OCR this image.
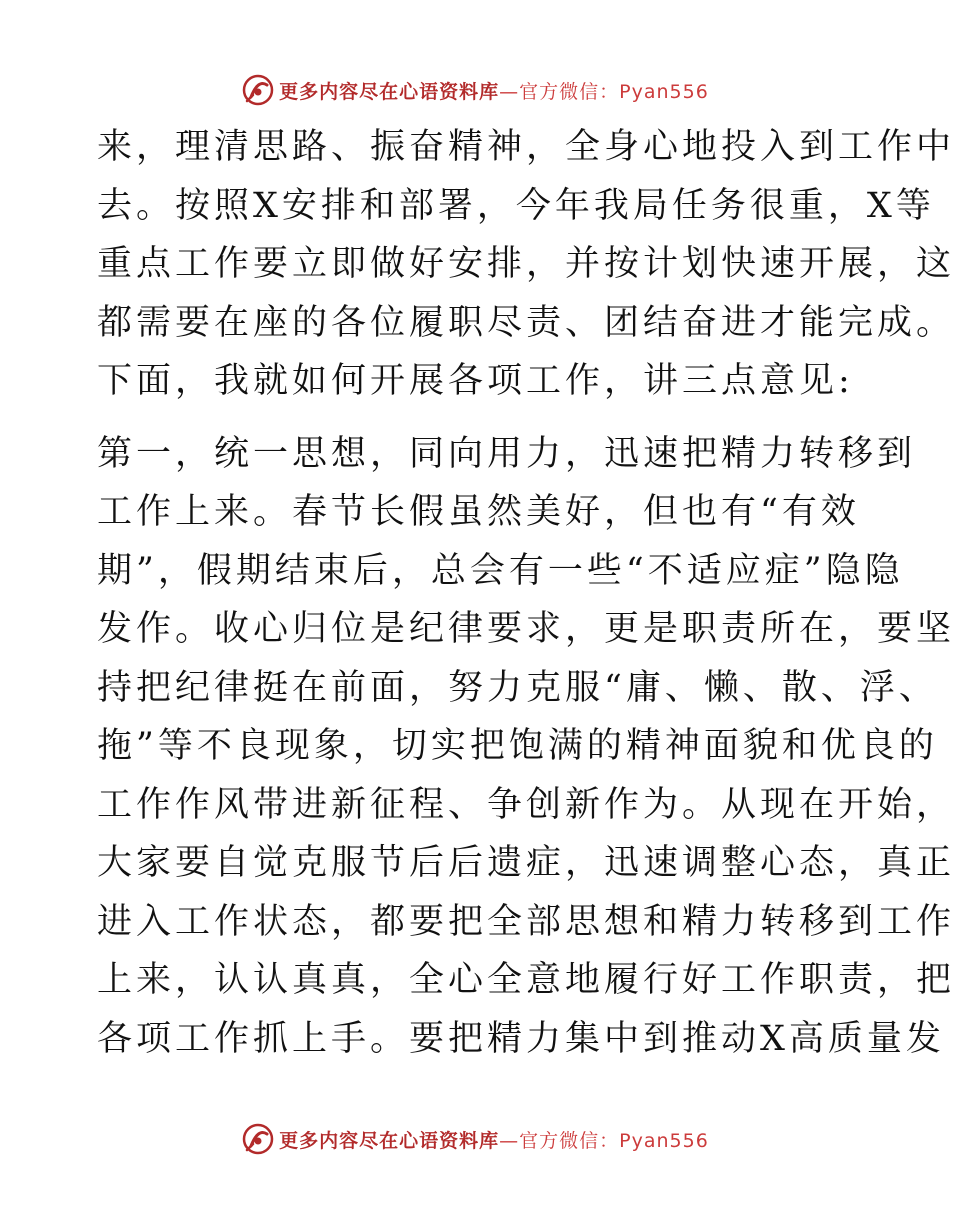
更多内容尽在心语资料库 —官方微信：Pyan556
来，理清思路、振奋精神，全身心地投入到工作中
去。按照X安排和部署，今年我局任务很重，X等
重点工作要立即做好安排，并按计划快速开展，这
都需要在座的各位履职尽责、团结奋进才能完成。
下面，我就如何开展各项工作，讲三点意见:
第一，统一思想，同向用力，迅速把精力转移到
工作上来。春节长假虽然美好，但也有“有效
期”，假期结束后，总会有一些“不适应症”隐隐
发作。收心归位是纪律要求，更是职责所在，要坚
持把纪律挺在前面，努力克服“庸、懒、散、浮、
拖”等不良现象，切实把饱满的精神面貌和优良的
工作作风带进新征程、争创新作为。从现在开始，
大家要自觉克服节后后遗症，迅速调整心态，真正
进入工作状态，都要把全部思想和精力转移到工作
上来，认认真真，全心全意地履行好工作职责，把
各项工作抓上手。要把精力集中到推动X高质量发
更多内容尽在心语资料库 —官方微信：Pyan556
